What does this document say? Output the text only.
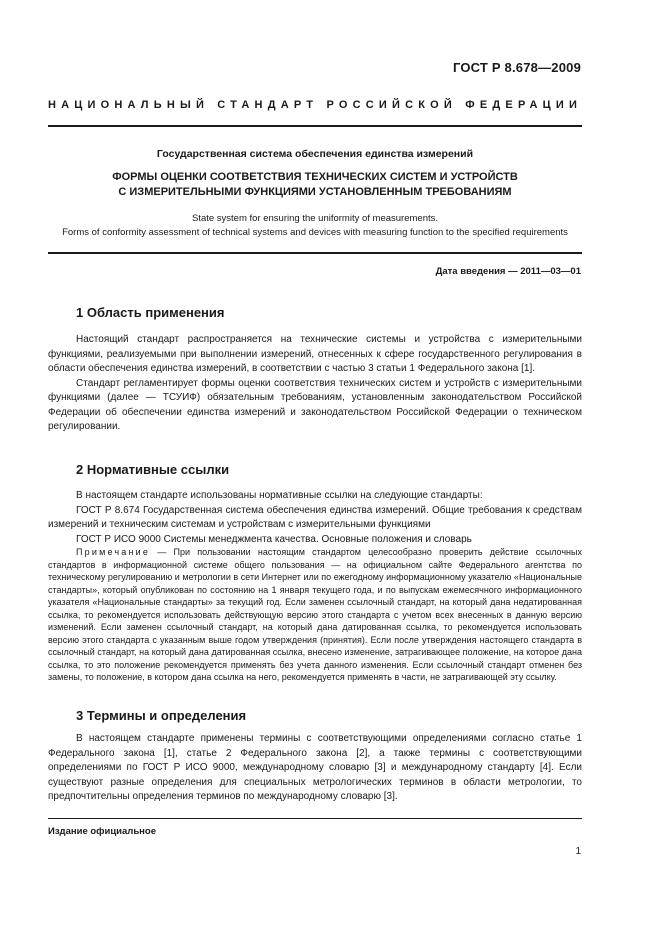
ГОСТ Р 8.678—2009
НАЦИОНАЛЬНЫЙ СТАНДАРТ РОССИЙСКОЙ ФЕДЕРАЦИИ
Государственная система обеспечения единства измерений
ФОРМЫ ОЦЕНКИ СООТВЕТСТВИЯ ТЕХНИЧЕСКИХ СИСТЕМ И УСТРОЙСТВ
С ИЗМЕРИТЕЛЬНЫМИ ФУНКЦИЯМИ УСТАНОВЛЕННЫМ ТРЕБОВАНИЯМ
State system for ensuring the uniformity of measurements.
Forms of conformity assessment of technical systems and devices with measuring function to the specified requirements
Дата введения — 2011—03—01
1 Область применения

Настоящий стандарт распространяется на технические системы и устройства с измерительными функциями, реализуемыми при выполнении измерений, отнесенных к сфере государственного регулирования в области обеспечения единства измерений, в соответствии с частью 3 статьи 1 Федерального закона [1].

Стандарт регламентирует формы оценки соответствия технических систем и устройств с измерительными функциями (далее — ТСУИФ) обязательным требованиям, установленным законодательством Российской Федерации об обеспечении единства измерений и законодательством Российской Федерации о техническом регулировании.

2 Нормативные ссылки

В настоящем стандарте использованы нормативные ссылки на следующие стандарты:

ГОСТ Р 8.674 Государственная система обеспечения единства измерений. Общие требования к средствам измерений и техническим системам и устройствам с измерительными функциями

ГОСТ Р ИСО 9000 Системы менеджмента качества. Основные положения и словарь

Примечание — При пользовании настоящим стандартом целесообразно проверить действие ссылочных стандартов в информационной системе общего пользования — на официальном сайте Федерального агентства по техническому регулированию и метрологии в сети Интернет или по ежегодному информационному указателю «Национальные стандарты», который опубликован по состоянию на 1 января текущего года, и по выпускам ежемесячного информационного указателя «Национальные стандарты» за текущий год. Если заменен ссылочный стандарт, на который дана недатированная ссылка, то рекомендуется использовать действующую версию этого стандарта с учетом всех внесенных в данную версию изменений. Если заменен ссылочный стандарт, на который дана датированная ссылка, то рекомендуется использовать версию этого стандарта с указанным выше годом утверждения (принятия). Если после утверждения настоящего стандарта в ссылочный стандарт, на который дана датированная ссылка, внесено изменение, затрагивающее положение, на которое дана ссылка, то это положение рекомендуется применять без учета данного изменения. Если ссылочный стандарт отменен без замены, то положение, в котором дана ссылка на него, рекомендуется применять в части, не затрагивающей эту ссылку.

3 Термины и определения

В настоящем стандарте применены термины с соответствующими определениями согласно статье 1 Федерального закона [1], статье 2 Федерального закона [2], а также термины с соответствующими определениями по ГОСТ Р ИСО 9000, международному словарю [3] и международному стандарту [4]. Если существуют разные определения для специальных метрологических терминов в области метрологии, то предпочтительны определения терминов по международному словарю [3].

Издание официальное
1
